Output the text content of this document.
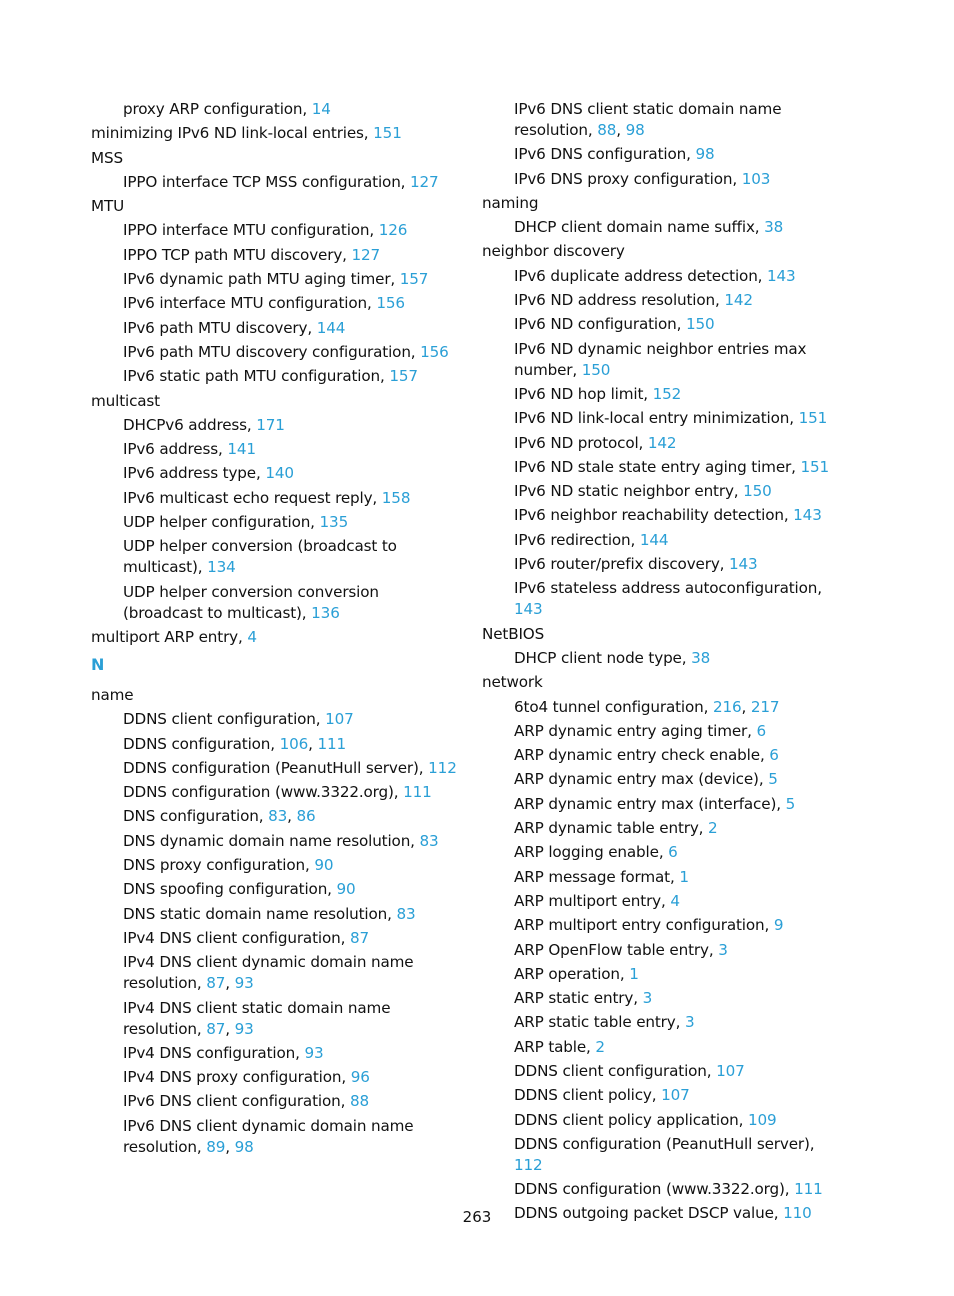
proxy ARP configuration, 14

minimizing IPv6 ND link-local entries, 151

MSS

IPPO interface TCP MSS configuration, 127

MTU

IPPO interface MTU configuration, 126

IPPO TCP path MTU discovery, 127

IPv6 dynamic path MTU aging timer, 157

IPv6 interface MTU configuration, 156

IPv6 path MTU discovery, 144

IPv6 path MTU discovery configuration, 156

IPv6 static path MTU configuration, 157

multicast

DHCPv6 address, 171

IPv6 address, 141

IPv6 address type, 140

IPv6 multicast echo request reply, 158

UDP helper configuration, 135

UDP helper conversion (broadcast to multicast), 134

UDP helper conversion conversion (broadcast to multicast), 136

multiport ARP entry, 4

N

name

DDNS client configuration, 107

DDNS configuration, 106, 111

DDNS configuration (PeanutHull server), 112

DDNS configuration (www.3322.org), 111

DNS configuration, 83, 86

DNS dynamic domain name resolution, 83

DNS proxy configuration, 90

DNS spoofing configuration, 90

DNS static domain name resolution, 83

IPv4 DNS client configuration, 87

IPv4 DNS client dynamic domain name resolution, 87, 93

IPv4 DNS client static domain name resolution, 87, 93

IPv4 DNS configuration, 93

IPv4 DNS proxy configuration, 96

IPv6 DNS client configuration, 88

IPv6 DNS client dynamic domain name resolution, 89, 98

IPv6 DNS client static domain name resolution, 88, 98

IPv6 DNS configuration, 98

IPv6 DNS proxy configuration, 103

naming

DHCP client domain name suffix, 38

neighbor discovery

IPv6 duplicate address detection, 143

IPv6 ND address resolution, 142

IPv6 ND configuration, 150

IPv6 ND dynamic neighbor entries max number, 150

IPv6 ND hop limit, 152

IPv6 ND link-local entry minimization, 151

IPv6 ND protocol, 142

IPv6 ND stale state entry aging timer, 151

IPv6 ND static neighbor entry, 150

IPv6 neighbor reachability detection, 143

IPv6 redirection, 144

IPv6 router/prefix discovery, 143

IPv6 stateless address autoconfiguration, 143

NetBIOS

DHCP client node type, 38

network

6to4 tunnel configuration, 216, 217

ARP dynamic entry aging timer, 6

ARP dynamic entry check enable, 6

ARP dynamic entry max (device), 5

ARP dynamic entry max (interface), 5

ARP dynamic table entry, 2

ARP logging enable, 6

ARP message format, 1

ARP multiport entry, 4

ARP multiport entry configuration, 9

ARP OpenFlow table entry, 3

ARP operation, 1

ARP static entry, 3

ARP static table entry, 3

ARP table, 2

DDNS client configuration, 107

DDNS client policy, 107

DDNS client policy application, 109

DDNS configuration (PeanutHull server), 112

DDNS configuration (www.3322.org), 111

DDNS outgoing packet DSCP value, 110

263
